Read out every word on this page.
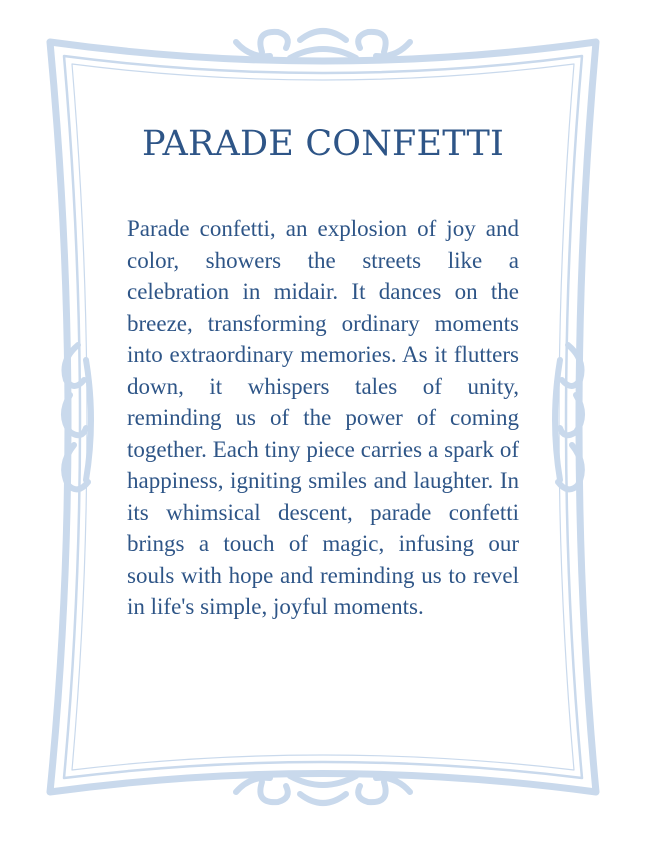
PARADE CONFETTI

Parade confetti, an explosion of joy and color, showers the streets like a celebration in midair. It dances on the breeze, transforming ordinary moments into extraordinary memories. As it flutters down, it whispers tales of unity, reminding us of the power of coming together. Each tiny piece carries a spark of happiness, igniting smiles and laughter. In its whimsical descent, parade confetti brings a touch of magic, infusing our souls with hope and reminding us to revel in life's simple, joyful moments.
